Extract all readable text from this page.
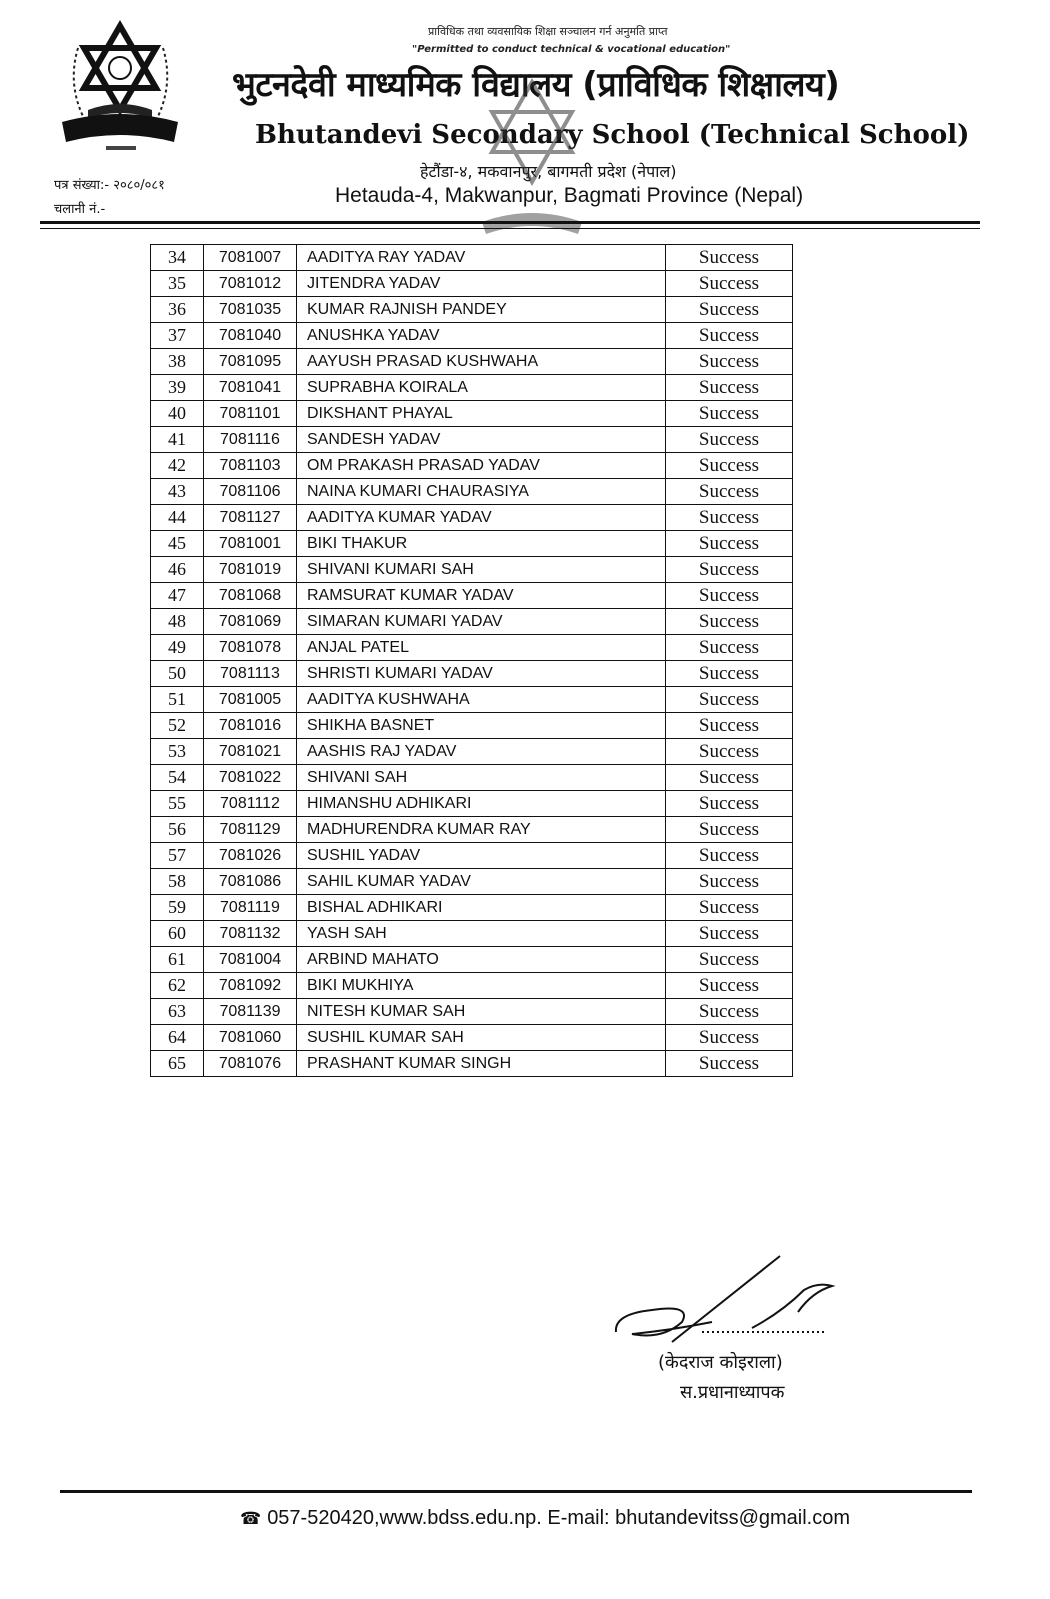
प्राविधिक तथा व्यवसायिक शिक्षा सञ्चालन गर्न अनुमति प्राप्त
"Permitted to conduct technical & vocational education"
भुटनदेवी माध्यमिक विद्यालय (प्राविधिक शिक्षालय)
Bhutandevi Secondary School (Technical School)
हेटौंडा-४, मकवानपुर, बागमती प्रदेश (नेपाल)
Hetauda-4, Makwanpur, Bagmati Province (Nepal)
पत्र संख्या:- २०८०/०८१
चलानी नं.-
34	7081007	AADITYA RAY YADAV	Success
35	7081012	JITENDRA YADAV	Success
36	7081035	KUMAR RAJNISH PANDEY	Success
37	7081040	ANUSHKA YADAV	Success
38	7081095	AAYUSH PRASAD KUSHWAHA	Success
39	7081041	SUPRABHA KOIRALA	Success
40	7081101	DIKSHANT PHAYAL	Success
41	7081116	SANDESH YADAV	Success
42	7081103	OM PRAKASH PRASAD YADAV	Success
43	7081106	NAINA KUMARI CHAURASIYA	Success
44	7081127	AADITYA KUMAR YADAV	Success
45	7081001	BIKI THAKUR	Success
46	7081019	SHIVANI KUMARI SAH	Success
47	7081068	RAMSURAT KUMAR YADAV	Success
48	7081069	SIMARAN KUMARI YADAV	Success
49	7081078	ANJAL PATEL	Success
50	7081113	SHRISTI KUMARI YADAV	Success
51	7081005	AADITYA KUSHWAHA	Success
52	7081016	SHIKHA BASNET	Success
53	7081021	AASHIS RAJ YADAV	Success
54	7081022	SHIVANI SAH	Success
55	7081112	HIMANSHU ADHIKARI	Success
56	7081129	MADHURENDRA KUMAR RAY	Success
57	7081026	SUSHIL YADAV	Success
58	7081086	SAHIL KUMAR YADAV	Success
59	7081119	BISHAL ADHIKARI	Success
60	7081132	YASH SAH	Success
61	7081004	ARBIND MAHATO	Success
62	7081092	BIKI MUKHIYA	Success
63	7081139	NITESH KUMAR SAH	Success
64	7081060	SUSHIL KUMAR SAH	Success
65	7081076	PRASHANT KUMAR SINGH	Success
(केदराज कोइराला)
स.प्रधानाध्यापक
☎ 057-520420,www.bdss.edu.np. E-mail: bhutandevitss@gmail.com
